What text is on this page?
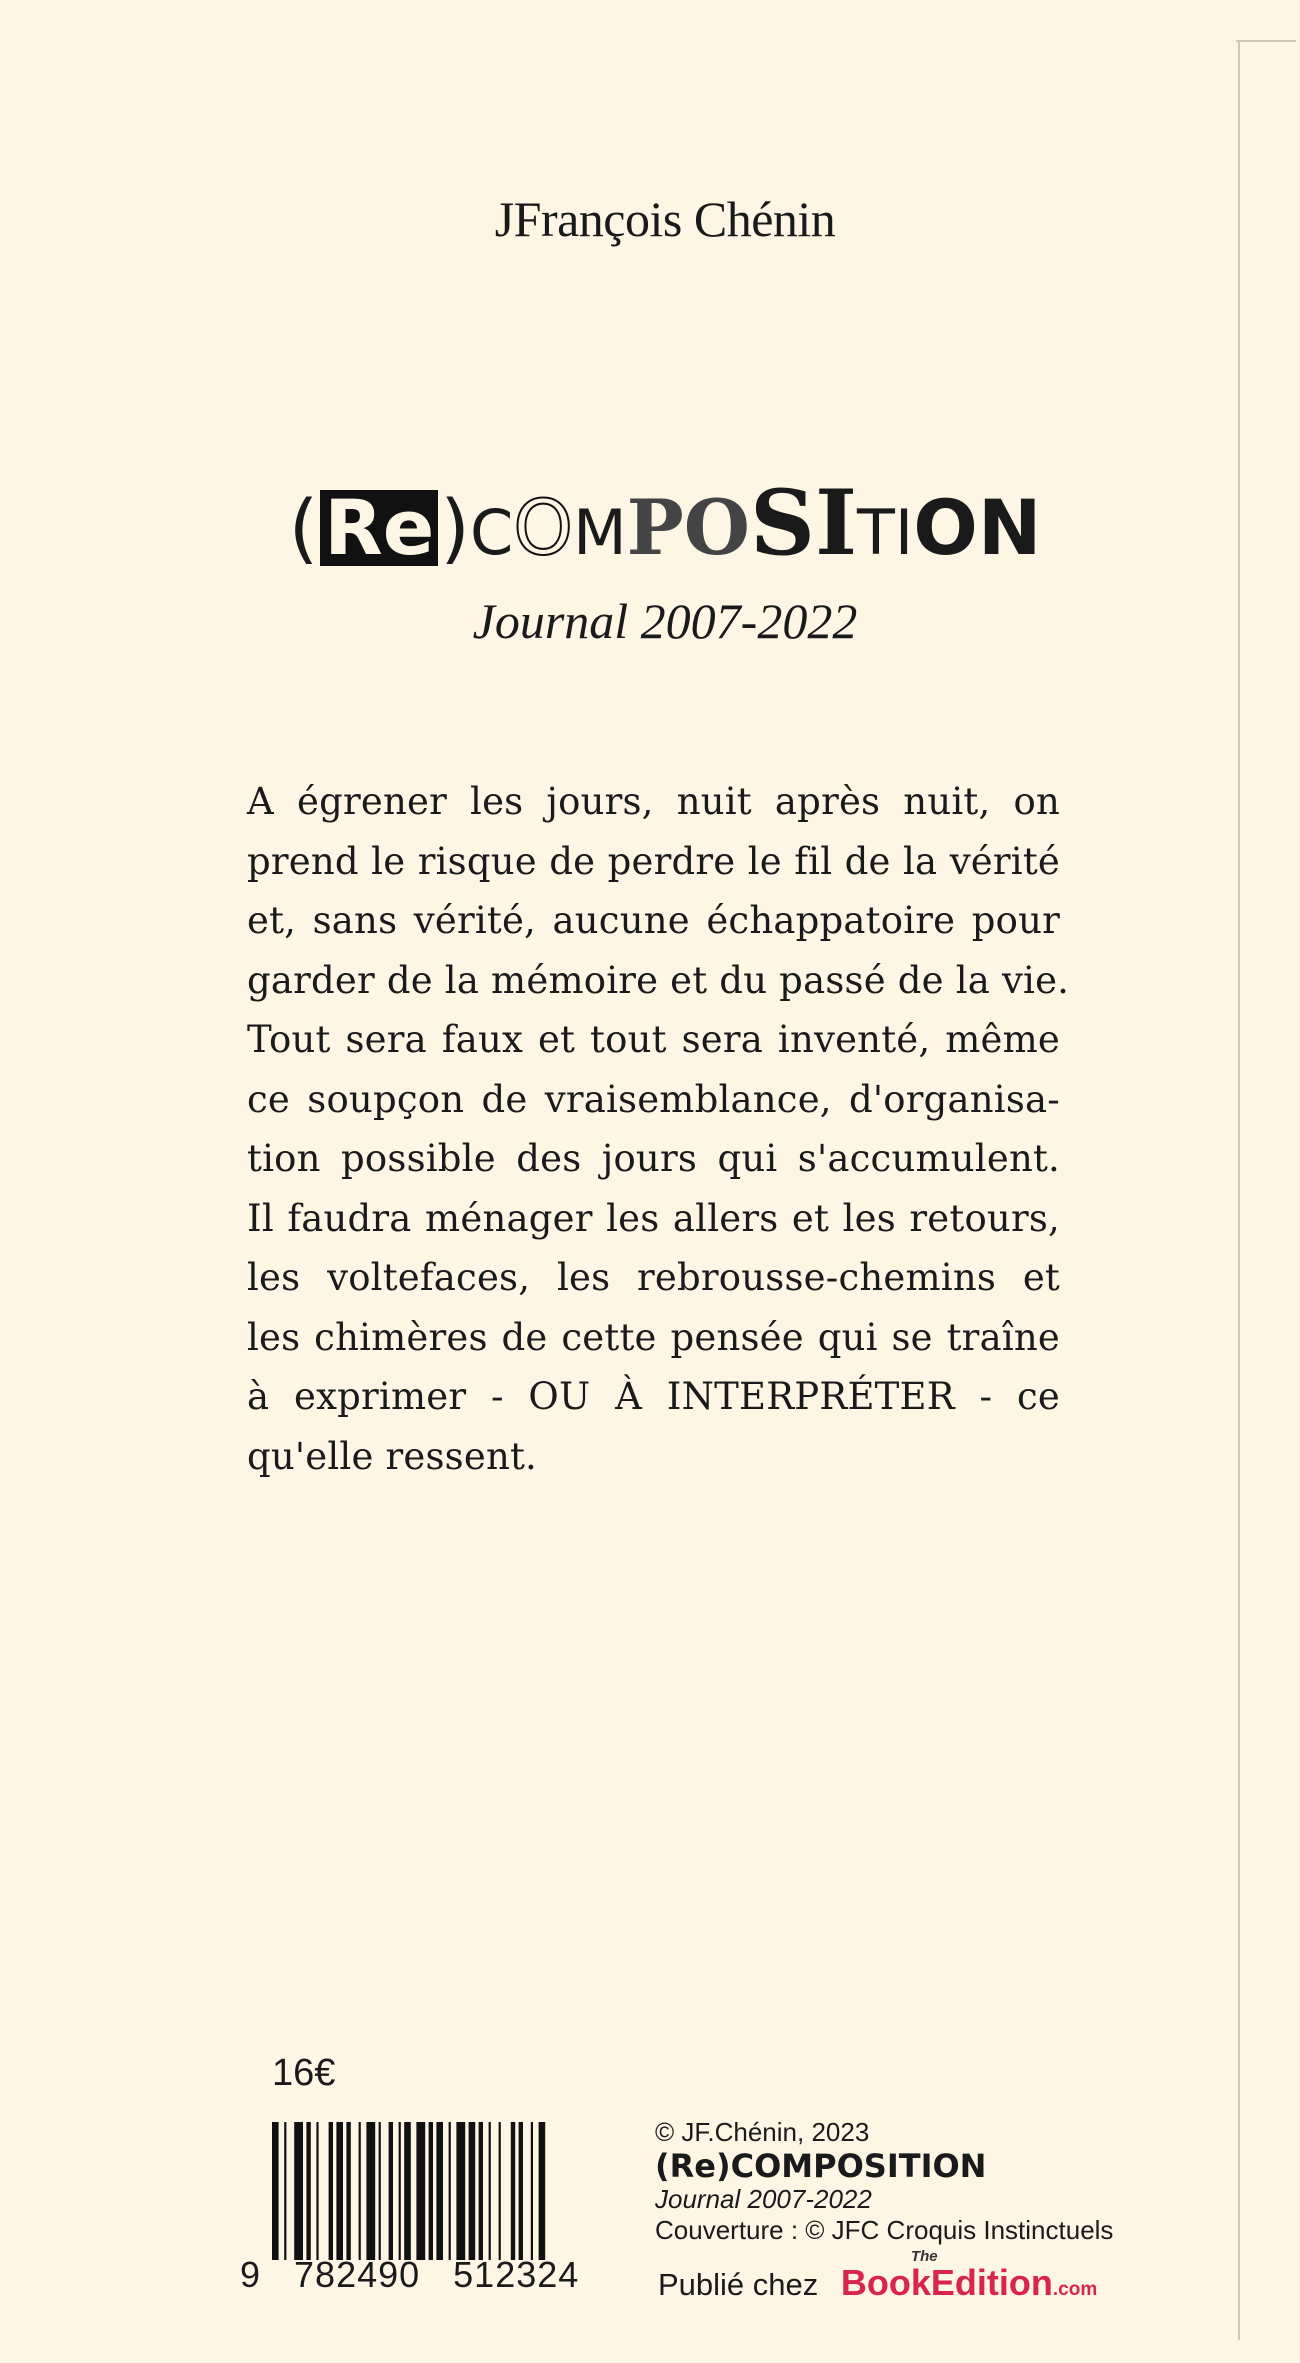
JFrançois Chénin
(Re)COMPOSITION
Journal 2007-2022
A égrener les jours, nuit après nuit, on
prend le risque de perdre le fil de la vérité
et, sans vérité, aucune échappatoire pour
garder de la mémoire et du passé de la vie.
Tout sera faux et tout sera inventé, même
ce soupçon de vraisemblance, d'organisa-
tion possible des jours qui s'accumulent.
Il faudra ménager les allers et les retours,
les voltefaces, les rebrousse-chemins et
les chimères de cette pensée qui se traîne
à exprimer - OU À INTERPRÉTER - ce
qu'elle ressent.
16€
9   782490   512324
© JF.Chénin, 2023
(Re)COMPOSITION
Journal 2007-2022
Couverture : © JFC Croquis Instinctuels
Publié chez
The
BookEdition.com
